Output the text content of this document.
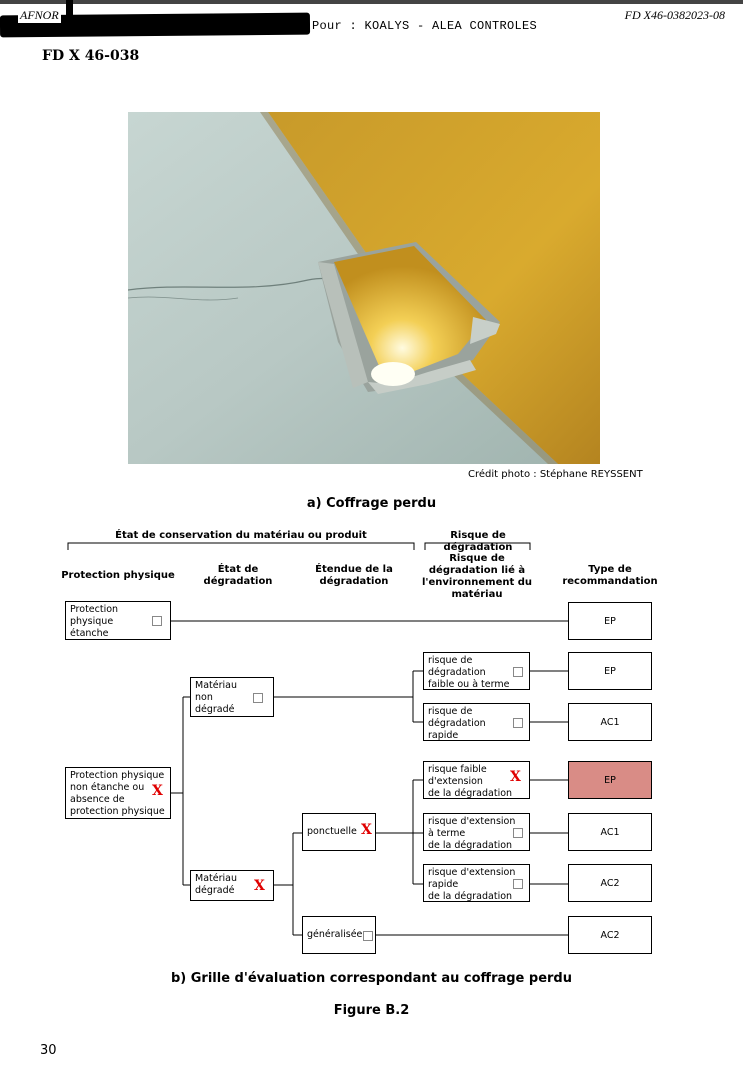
AFNOR
Pour : KOALYS - ALEA CONTROLES
FD X46-0382023-08
FD X 46-038
Crédit photo : Stéphane REYSSENT
a) Coffrage perdu
État de conservation du matériau ou produit	Risque de dégradation
Protection physique
État de
dégradation
Étendue de la
dégradation
Risque de
dégradation lié à
l'environnement du
matériau
Type de
recommandation
Protection
physique
étanche
Protection physique
non étanche ou
absence de
protection physique
X
Matériau
non
dégradé
Matériau
dégradé	X
ponctuelle X
généralisée
risque de
dégradation
faible ou à terme
risque de
dégradation
rapide
risque faible
d'extension
de la dégradation
X
risque d'extension
à terme
de la dégradation
risque d'extension
rapide
de la dégradation
EP
EP
AC1
EP
AC1
AC2
AC2
b) Grille d'évaluation correspondant au coffrage perdu
Figure B.2
30
